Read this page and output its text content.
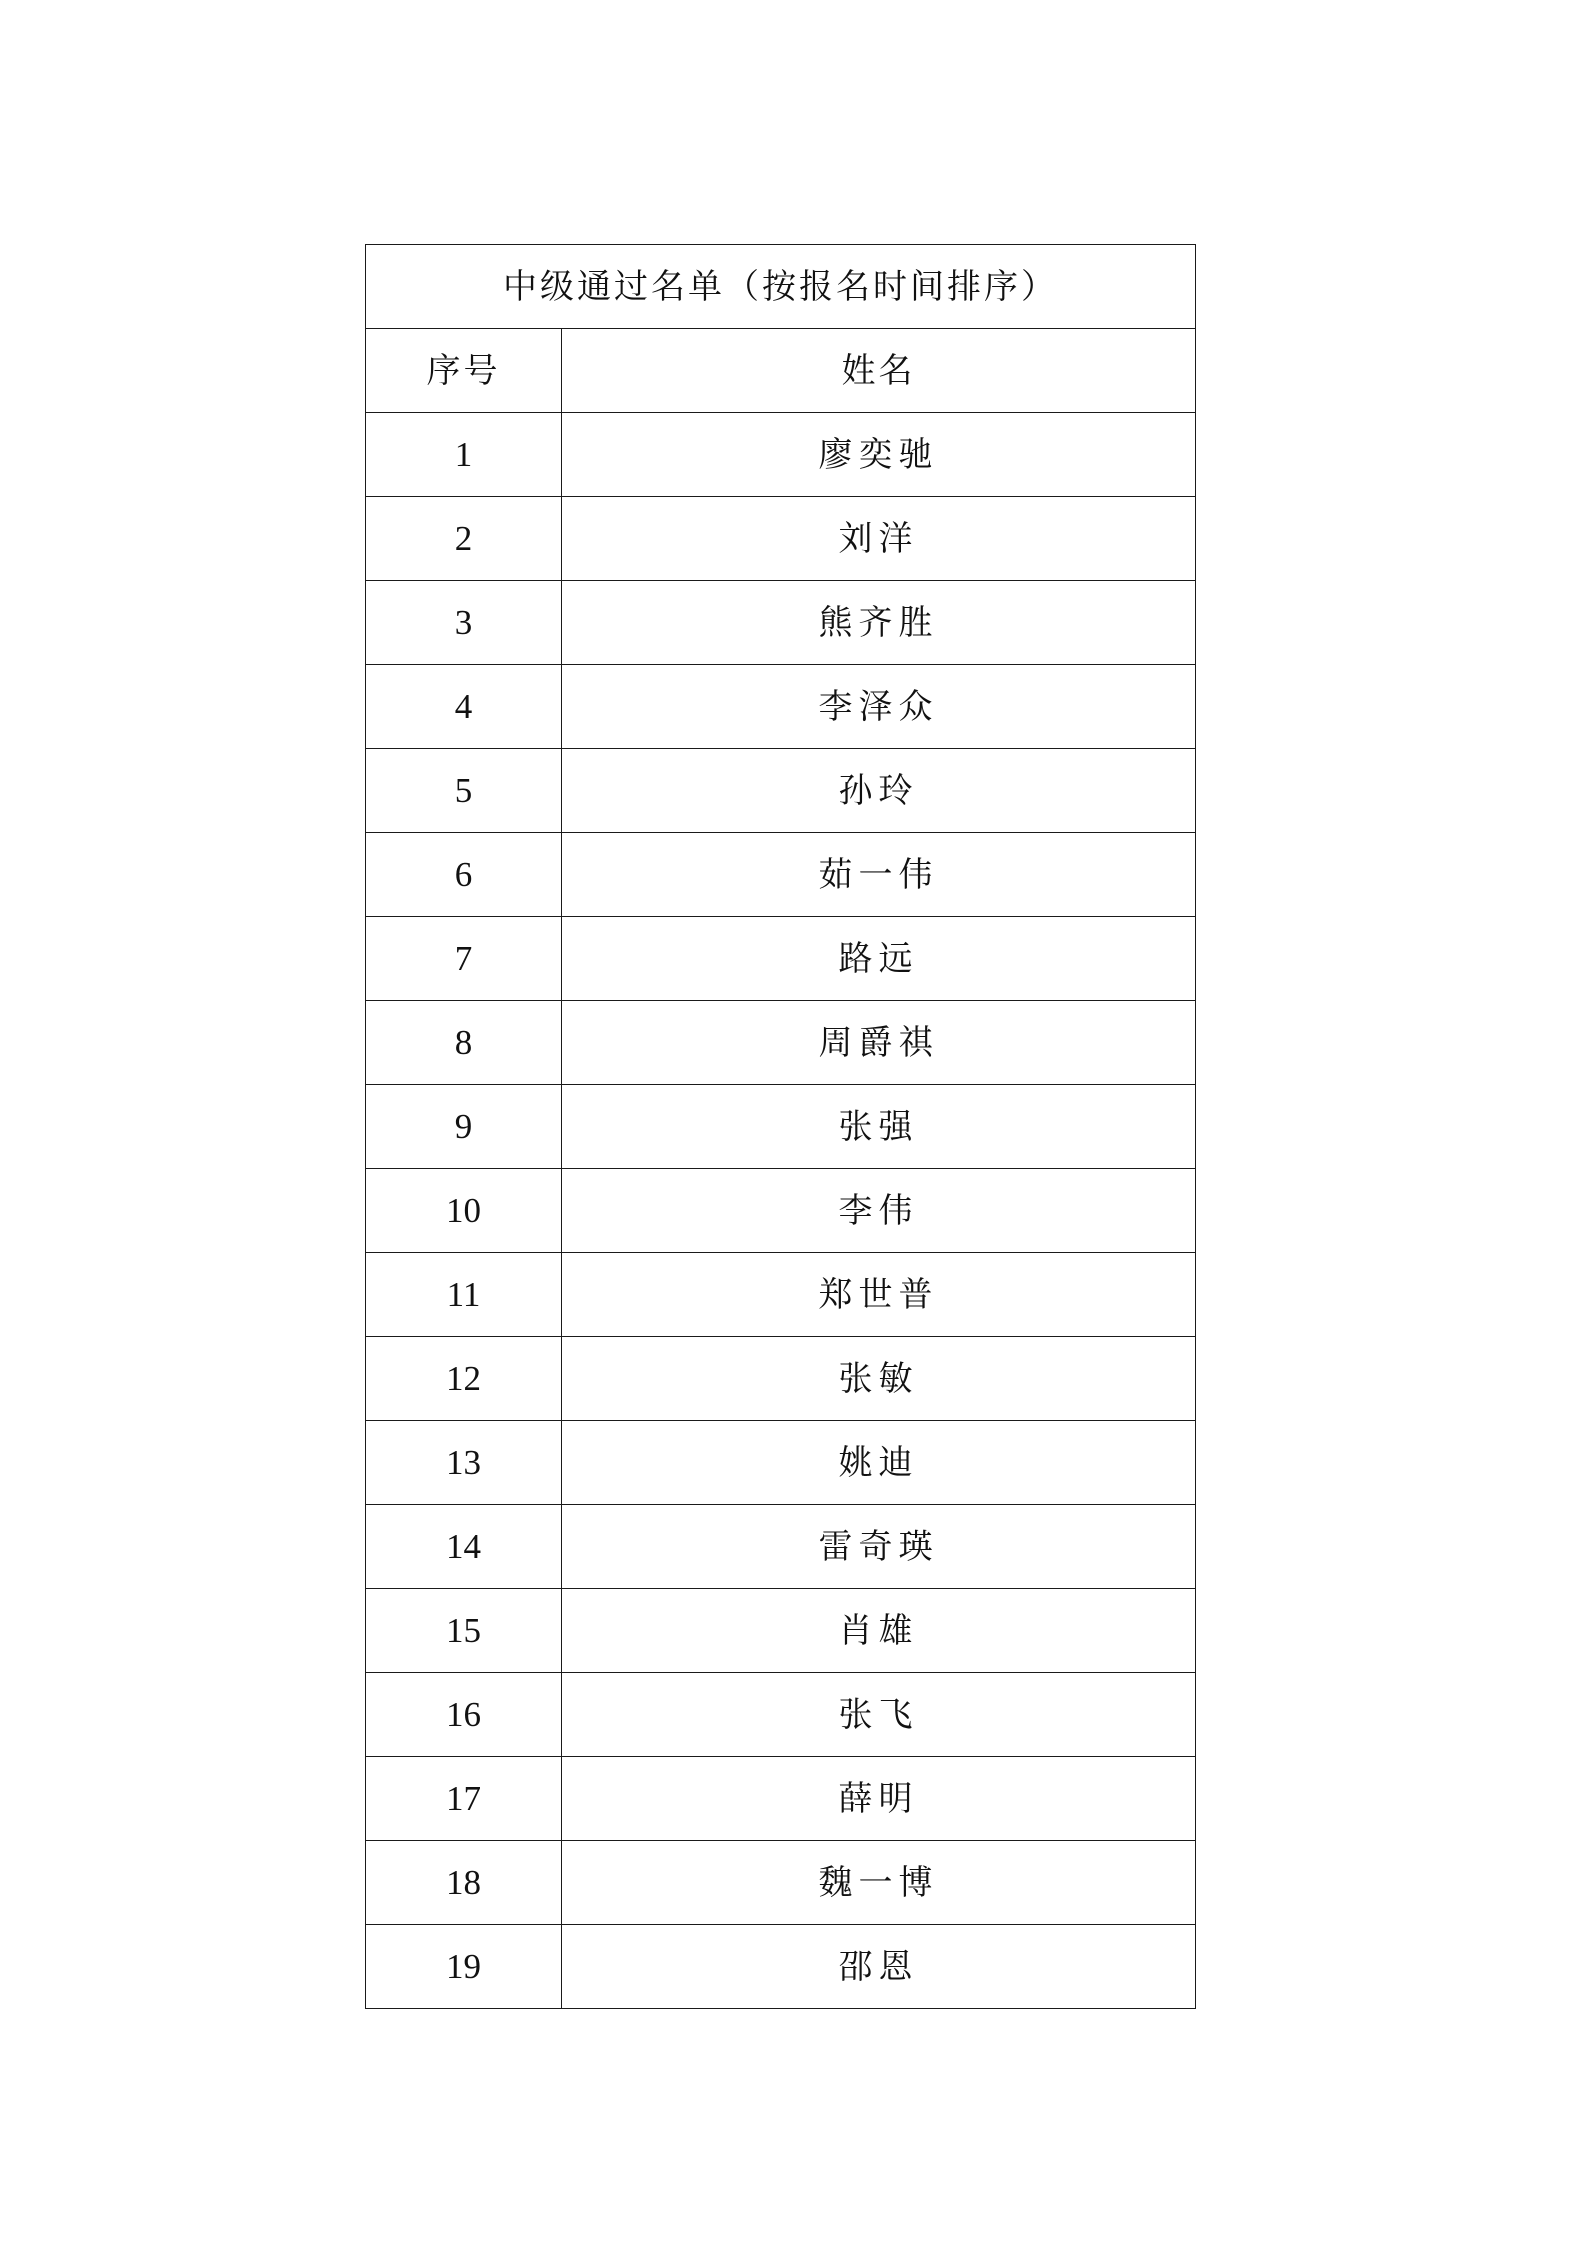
中级通过名单（按报名时间排序）	
序号	姓名
1	廖奕驰
2	刘洋
3	熊齐胜
4	李泽众
5	孙玲
6	茹一伟
7	路远
8	周爵祺
9	张强
10	李伟
11	郑世普
12	张敏
13	姚迪
14	雷奇瑛
15	肖雄
16	张飞
17	薛明
18	魏一博
19	邵恩
